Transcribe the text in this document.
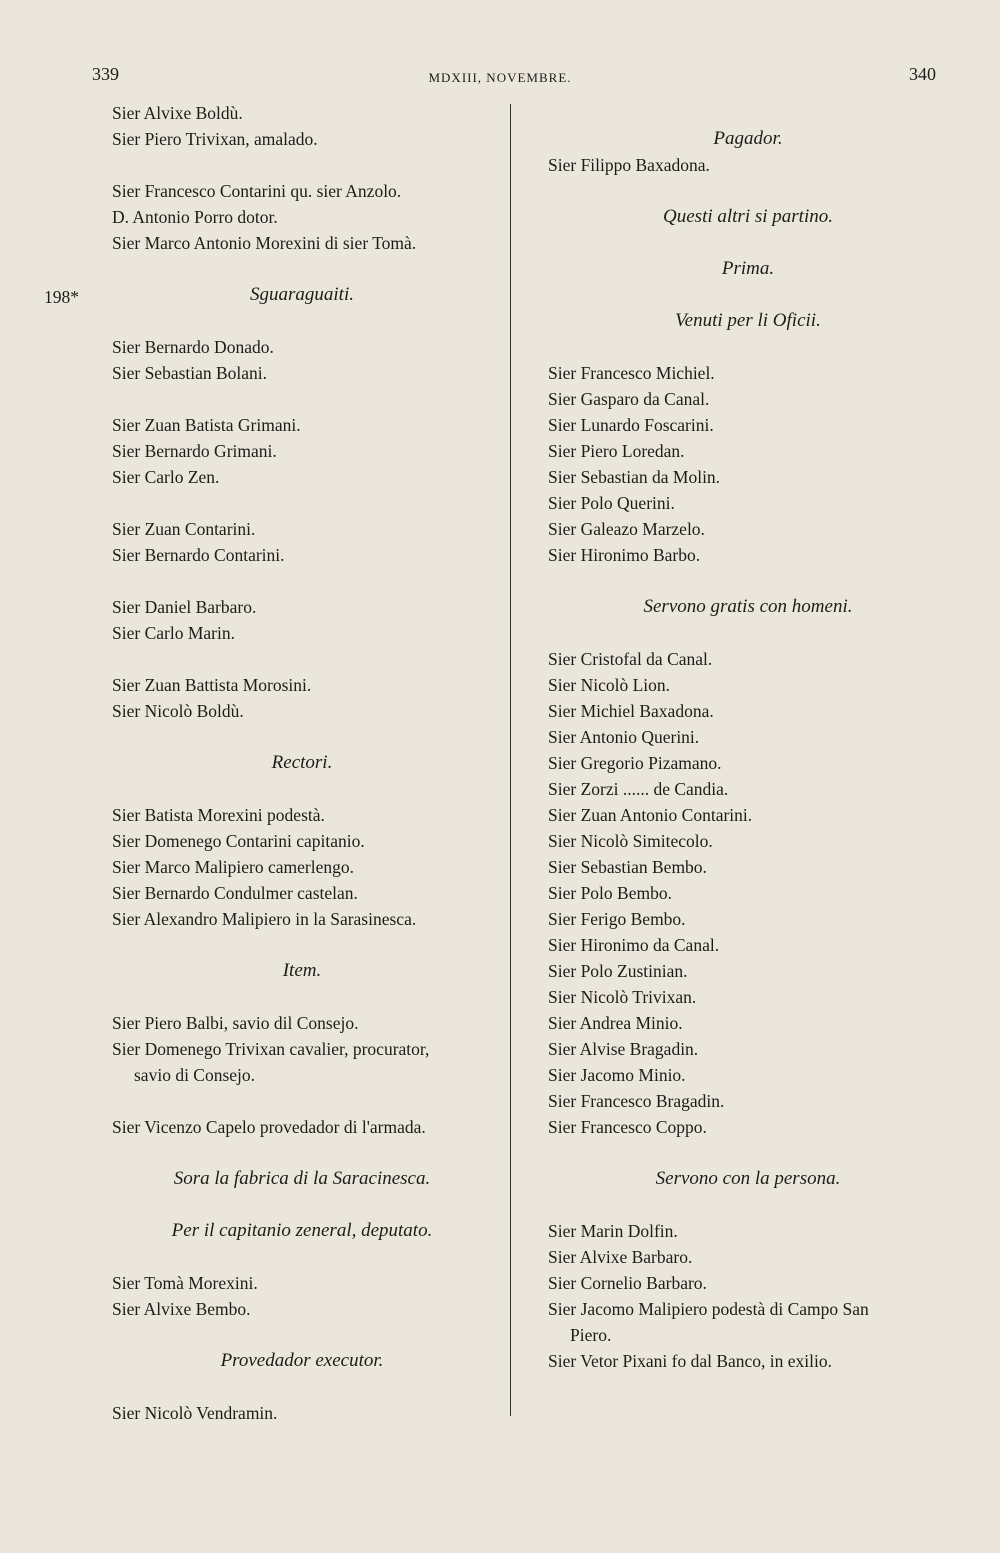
339	MDXIII, NOVEMBRE.	340
198*
Sier Alvixe Boldù.
Sier Piero Trivixan, amalado.
Sier Francesco Contarini qu. sier Anzolo.
D. Antonio Porro dotor.
Sier Marco Antonio Morexini di sier Tomà.
Sguaraguaiti.
Sier Bernardo Donado.
Sier Sebastian Bolani.
Sier Zuan Batista Grimani.
Sier Bernardo Grimani.
Sier Carlo Zen.
Sier Zuan Contarini.
Sier Bernardo Contarini.
Sier Daniel Barbaro.
Sier Carlo Marin.
Sier Zuan Battista Morosini.
Sier Nicolò Boldù.
Rectori.
Sier Batista Morexini podestà.
Sier Domenego Contarini capitanio.
Sier Marco Malipiero camerlengo.
Sier Bernardo Condulmer castelan.
Sier Alexandro Malipiero in la Sarasinesca.
Item.
Sier Piero Balbi, savio dil Consejo.
Sier Domenego Trivixan cavalier, procurator,
savio di Consejo.
Sier Vicenzo Capelo provedador di l'armada.
Sora la fabrica di la Saracinesca.
Per il capitanio zeneral, deputato.
Sier Tomà Morexini.
Sier Alvixe Bembo.
Provedador executor.
Sier Nicolò Vendramin.
Pagador.
Sier Filippo Baxadona.
Questi altri si partino.
Prima.
Venuti per li Oficii.
Sier Francesco Michiel.
Sier Gasparo da Canal.
Sier Lunardo Foscarini.
Sier Piero Loredan.
Sier Sebastian da Molin.
Sier Polo Querini.
Sier Galeazo Marzelo.
Sier Hironimo Barbo.
Servono gratis con homeni.
Sier Cristofal da Canal.
Sier Nicolò Lion.
Sier Michiel Baxadona.
Sier Antonio Querini.
Sier Gregorio Pizamano.
Sier Zorzi ...... de Candia.
Sier Zuan Antonio Contarini.
Sier Nicolò Simitecolo.
Sier Sebastian Bembo.
Sier Polo Bembo.
Sier Ferigo Bembo.
Sier Hironimo da Canal.
Sier Polo Zustinian.
Sier Nicolò Trivixan.
Sier Andrea Minio.
Sier Alvise Bragadin.
Sier Jacomo Minio.
Sier Francesco Bragadin.
Sier Francesco Coppo.
Servono con la persona.
Sier Marin Dolfin.
Sier Alvixe Barbaro.
Sier Cornelio Barbaro.
Sier Jacomo Malipiero podestà di Campo San
Piero.
Sier Vetor Pixani fo dal Banco, in exilio.
